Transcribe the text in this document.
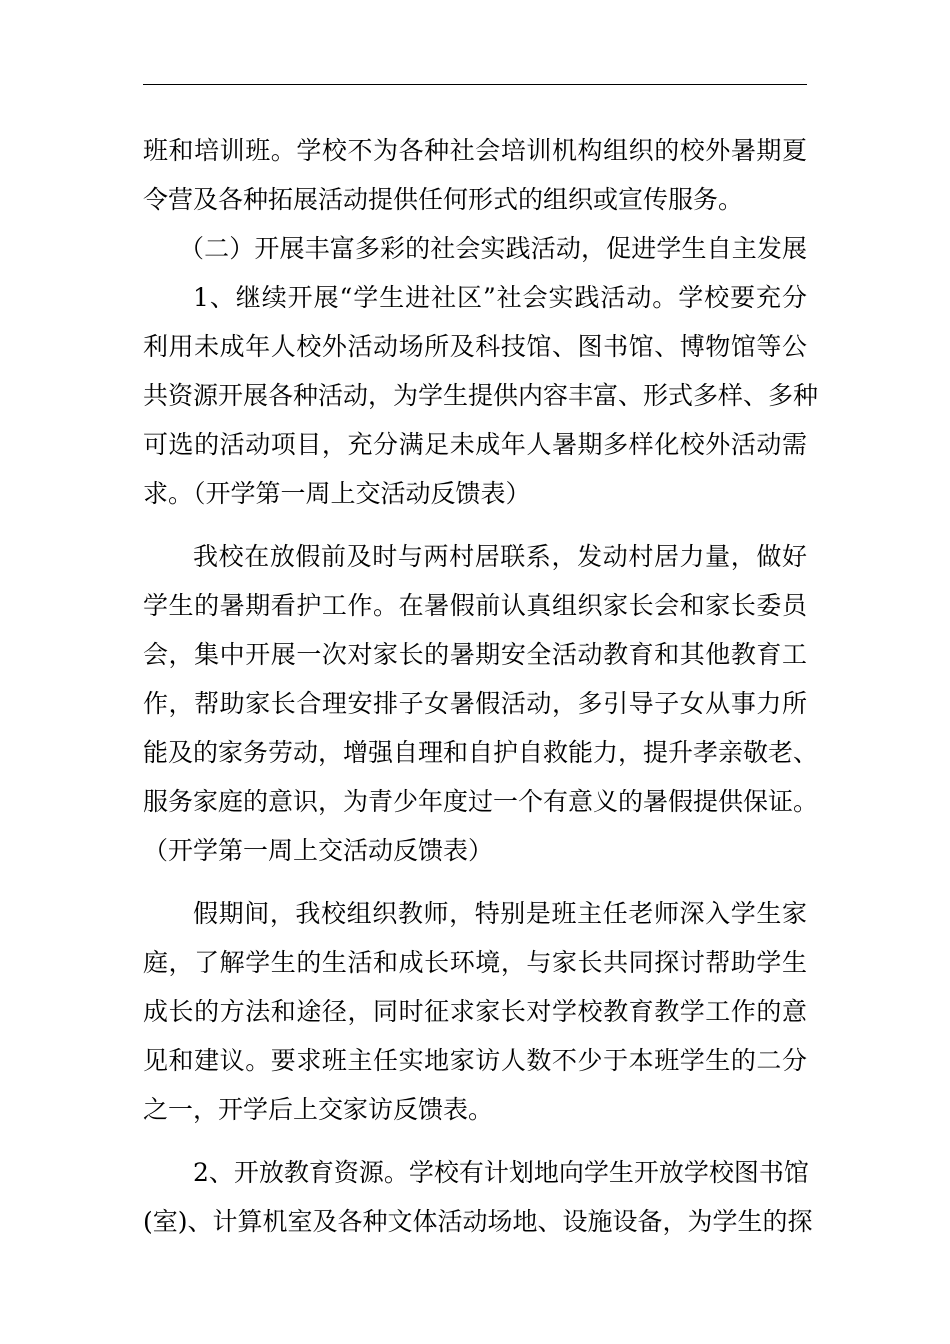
班和培训班。学校不为各种社会培训机构组织的校外暑期夏
令营及各种拓展活动提供任何形式的组织或宣传服务。
（二）开展丰富多彩的社会实践活动，促进学生自主发展
1、继续开展“学生进社区”社会实践活动。学校要充分
利用未成年人校外活动场所及科技馆、图书馆、博物馆等公
共资源开展各种活动，为学生提供内容丰富、形式多样、多种
可选的活动项目，充分满足未成年人暑期多样化校外活动需
求。（开学第一周上交活动反馈表）
我校在放假前及时与两村居联系，发动村居力量，做好
学生的暑期看护工作。在暑假前认真组织家长会和家长委员
会，集中开展一次对家长的暑期安全活动教育和其他教育工
作，帮助家长合理安排子女暑假活动，多引导子女从事力所
能及的家务劳动，增强自理和自护自救能力，提升孝亲敬老、
服务家庭的意识，为青少年度过一个有意义的暑假提供保证。
（开学第一周上交活动反馈表）
假期间，我校组织教师，特别是班主任老师深入学生家
庭，了解学生的生活和成长环境，与家长共同探讨帮助学生
成长的方法和途径，同时征求家长对学校教育教学工作的意
见和建议。要求班主任实地家访人数不少于本班学生的二分
之一，开学后上交家访反馈表。
2、开放教育资源。学校有计划地向学生开放学校图书馆
(室)、计算机室及各种文体活动场地、设施设备，为学生的探
